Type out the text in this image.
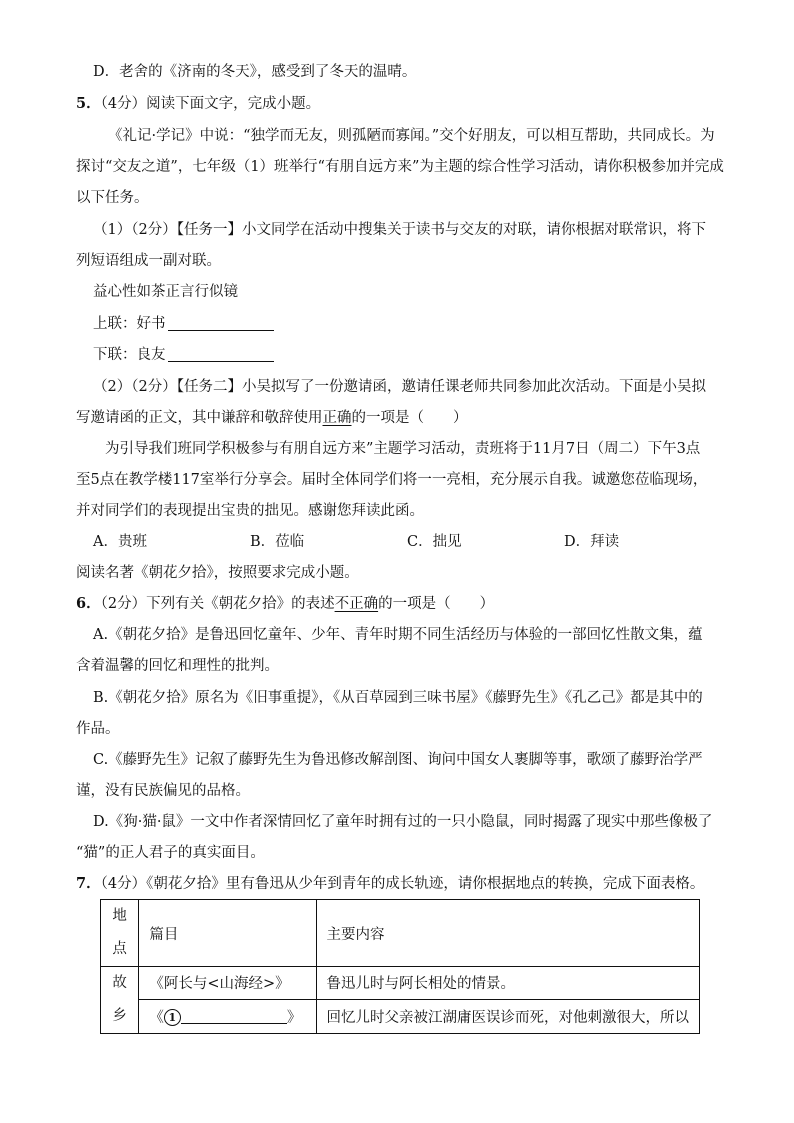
D．老舍的《济南的冬天》，感受到了冬天的温晴。
5．（4分）阅读下面文字，完成小题。
《礼记·学记》中说：“独学而无友，则孤陋而寡闻。”交个好朋友，可以相互帮助，共同成长。为
探讨“交友之道”，七年级（1）班举行“有朋自远方来”为主题的综合性学习活动，请你积极参加并完成
以下任务。
（1）（2分）【任务一】小文同学在活动中搜集关于读书与交友的对联，请你根据对联常识，将下
列短语组成一副对联。
益心性如茶正言行似镜
上联：好书
下联：良友
（2）（2分）【任务二】小吴拟写了一份邀请函，邀请任课老师共同参加此次活动。下面是小吴拟
写邀请函的正文，其中谦辞和敬辞使用正确的一项是（　　）
为引导我们班同学积极参与有朋自远方来”主题学习活动，责班将于11月7日（周二）下午3点
至5点在教学楼117室举行分享会。届时全体同学们将一一亮相，充分展示自我。诚邀您莅临现场，
并对同学们的表现提出宝贵的拙见。感谢您拜读此函。
A．贵班	B．莅临	C．拙见	D．拜读
阅读名著《朝花夕拾》，按照要求完成小题。
6．（2分）下列有关《朝花夕拾》的表述不正确的一项是（　　）
A.《朝花夕拾》是鲁迅回忆童年、少年、青年时期不同生活经历与体验的一部回忆性散文集，蕴
含着温馨的回忆和理性的批判。
B.《朝花夕拾》原名为《旧事重提》，《从百草园到三味书屋》《藤野先生》《孔乙己》都是其中的
作品。
C.《藤野先生》记叙了藤野先生为鲁迅修改解剖图、询问中国女人裹脚等事，歌颂了藤野治学严
谨，没有民族偏见的品格。
D.《狗·猫·鼠》一文中作者深情回忆了童年时拥有过的一只小隐鼠，同时揭露了现实中那些像极了
“猫”的正人君子的真实面目。
7．（4分）《朝花夕拾》里有鲁迅从少年到青年的成长轨迹，请你根据地点的转换，完成下面表格。
地
点	篇目	主要内容

故
乡	《阿长与<山海经>》	鲁迅儿时与阿长相处的情景。
	《 1 》	回忆儿时父亲被江湖庸医误诊而死，对他刺激很大，所以
